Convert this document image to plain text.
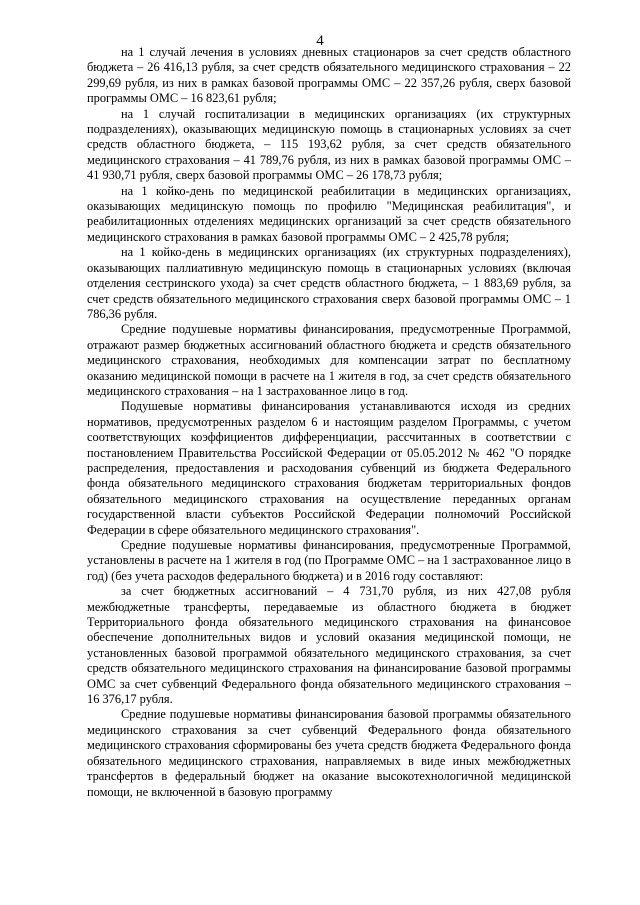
4

на 1 случай лечения в условиях дневных стационаров за счет средств областного бюджета – 26 416,13 рубля, за счет средств обязательного медицинского страхования – 22 299,69 рубля, из них в рамках базовой программы ОМС – 22 357,26 рубля, сверх базовой программы ОМС – 16 823,61 рубля;

на 1 случай госпитализации в медицинских организациях (их структурных подразделениях), оказывающих медицинскую помощь в стационарных условиях за счет средств областного бюджета, – 115 193,62 рубля, за счет средств обязательного медицинского страхования – 41 789,76 рубля, из них в рамках базовой программы ОМС – 41 930,71 рубля, сверх базовой программы ОМС – 26 178,73 рубля;

на 1 койко-день по медицинской реабилитации в медицинских организациях, оказывающих медицинскую помощь по профилю "Медицинская реабилитация", и реабилитационных отделениях медицинских организаций за счет средств обязательного медицинского страхования в рамках базовой программы ОМС – 2 425,78 рубля;

на 1 койко-день в медицинских организациях (их структурных подразделениях), оказывающих паллиативную медицинскую помощь в стационарных условиях (включая отделения сестринского ухода) за счет средств областного бюджета, – 1 883,69 рубля, за счет средств обязательного медицинского страхования сверх базовой программы ОМС – 1 786,36 рубля.

Средние подушевые нормативы финансирования, предусмотренные Программой, отражают размер бюджетных ассигнований областного бюджета и средств обязательного медицинского страхования, необходимых для компенсации затрат по бесплатному оказанию медицинской помощи в расчете на 1 жителя в год, за счет средств обязательного медицинского страхования – на 1 застрахованное лицо в год.

Подушевые нормативы финансирования устанавливаются исходя из средних нормативов, предусмотренных разделом 6 и настоящим разделом Программы, с учетом соответствующих коэффициентов дифференциации, рассчитанных в соответствии с постановлением Правительства Российской Федерации от 05.05.2012 № 462 "О порядке распределения, предоставления и расходования субвенций из бюджета Федерального фонда обязательного медицинского страхования бюджетам территориальных фондов обязательного медицинского страхования на осуществление переданных органам государственной власти субъектов Российской Федерации полномочий Российской Федерации в сфере обязательного медицинского страхования".

Средние подушевые нормативы финансирования, предусмотренные Программой, установлены в расчете на 1 жителя в год (по Программе ОМС – на 1 застрахованное лицо в год) (без учета расходов федерального бюджета) и в 2016 году составляют:

за счет бюджетных ассигнований – 4 731,70 рубля, из них 427,08 рубля межбюджетные трансферты, передаваемые из областного бюджета в бюджет Территориального фонда обязательного медицинского страхования на финансовое обеспечение дополнительных видов и условий оказания медицинской помощи, не установленных базовой программой обязательного медицинского страхования, за счет средств обязательного медицинского страхования на финансирование базовой программы ОМС за счет субвенций Федерального фонда обязательного медицинского страхования – 16 376,17 рубля.

Средние подушевые нормативы финансирования базовой программы обязательного медицинского страхования за счет субвенций Федерального фонда обязательного медицинского страхования сформированы без учета средств бюджета Федерального фонда обязательного медицинского страхования, направляемых в виде иных межбюджетных трансфертов в федеральный бюджет на оказание высокотехнологичной медицинской помощи, не включенной в базовую программу
